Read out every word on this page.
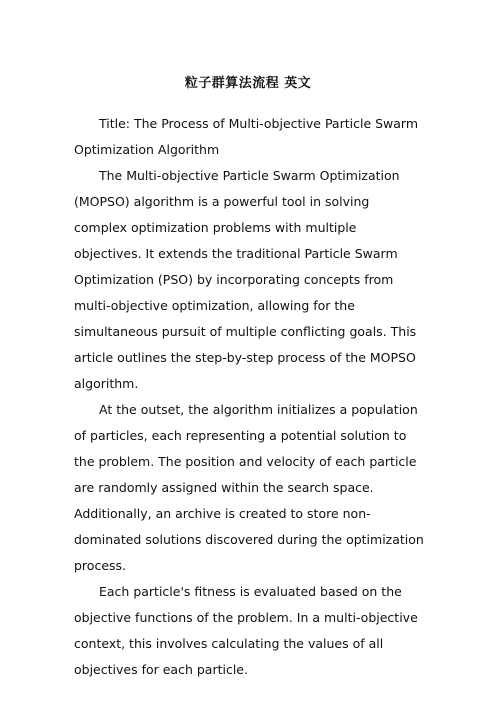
粒子群算法流程 英文

Title: The Process of Multi-objective Particle Swarm Optimization Algorithm

The Multi-objective Particle Swarm Optimization (MOPSO) algorithm is a powerful tool in solving complex optimization problems with multiple objectives. It extends the traditional Particle Swarm Optimization (PSO) by incorporating concepts from multi-objective optimization, allowing for the simultaneous pursuit of multiple conflicting goals. This article outlines the step-by-step process of the MOPSO algorithm.

At the outset, the algorithm initializes a population of particles, each representing a potential solution to the problem. The position and velocity of each particle are randomly assigned within the search space. Additionally, an archive is created to store non-dominated solutions discovered during the optimization process.

Each particle's fitness is evaluated based on the objective functions of the problem. In a multi-objective context, this involves calculating the values of all objectives for each particle.
